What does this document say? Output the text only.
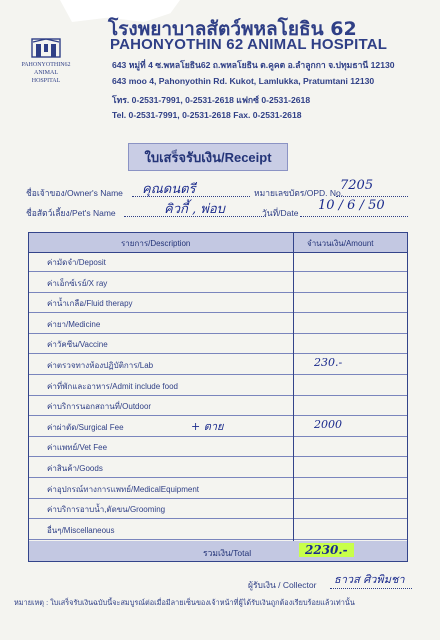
PAHONYOTHIN62
ANIMAL HOSPITAL
โรงพยาบาลสัตว์พหลโยธิน 62
PAHONYOTHIN 62 ANIMAL HOSPITAL
643 หมู่ที่ 4 ซ.พหลโยธิน62 ถ.พหลโยธิน ต.คูคต อ.ลำลูกกา จ.ปทุมธานี 12130
643 moo 4, Pahonyothin Rd. Kukot, Lamlukka, Pratumtani 12130
โทร. 0-2531-7991, 0-2531-2618 แฟกซ์ 0-2531-2618
Tel. 0-2531-7991, 0-2531-2618 Fax. 0-2531-2618
ใบเสร็จรับเงิน/Receipt
ชื่อเจ้าของ/Owner's Name คุณดนตรี	หมายเลขบัตร/OPD. No.
7205
ชื่อสัตว์เลี้ยง/Pet's Name	คิวกี้ , พ่อบ	วันที่/Date 10 / 6 / 50
รายการ/Description	จำนวนเงิน/Amount
ค่ามัดจำ/Deposit
ค่าเอ็กซ์เรย์/X ray
ค่าน้ำเกลือ/Fluid therapy
ค่ายา/Medicine
ค่าวัคซีน/Vaccine
ค่าตรวจทางห้องปฏิบัติการ/Lab	230.-
ค่าที่พักและอาหาร/Admit include food
ค่าบริการนอกสถานที่/Outdoor
ค่าผ่าตัด/Surgical Fee	+ ตาย	2000
ค่าแพทย์/Vet Fee
ค่าสินค้า/Goods
ค่าอุปกรณ์ทางการแพทย์/MedicalEquipment
ค่าบริการอาบน้ำ,ตัดขน/Grooming
อื่นๆ/Miscellaneous
รวมเงิน/Total	2230.-
ผู้รับเงิน / Collector ธาวส ศิวพิมชา
หมายเหตุ : ใบเสร็จรับเงินฉบับนี้จะสมบูรณ์ต่อเมื่อมีลายเซ็นของเจ้าหน้าที่ผู้ได้รับเงินถูกต้องเรียบร้อยแล้วเท่านั้น
